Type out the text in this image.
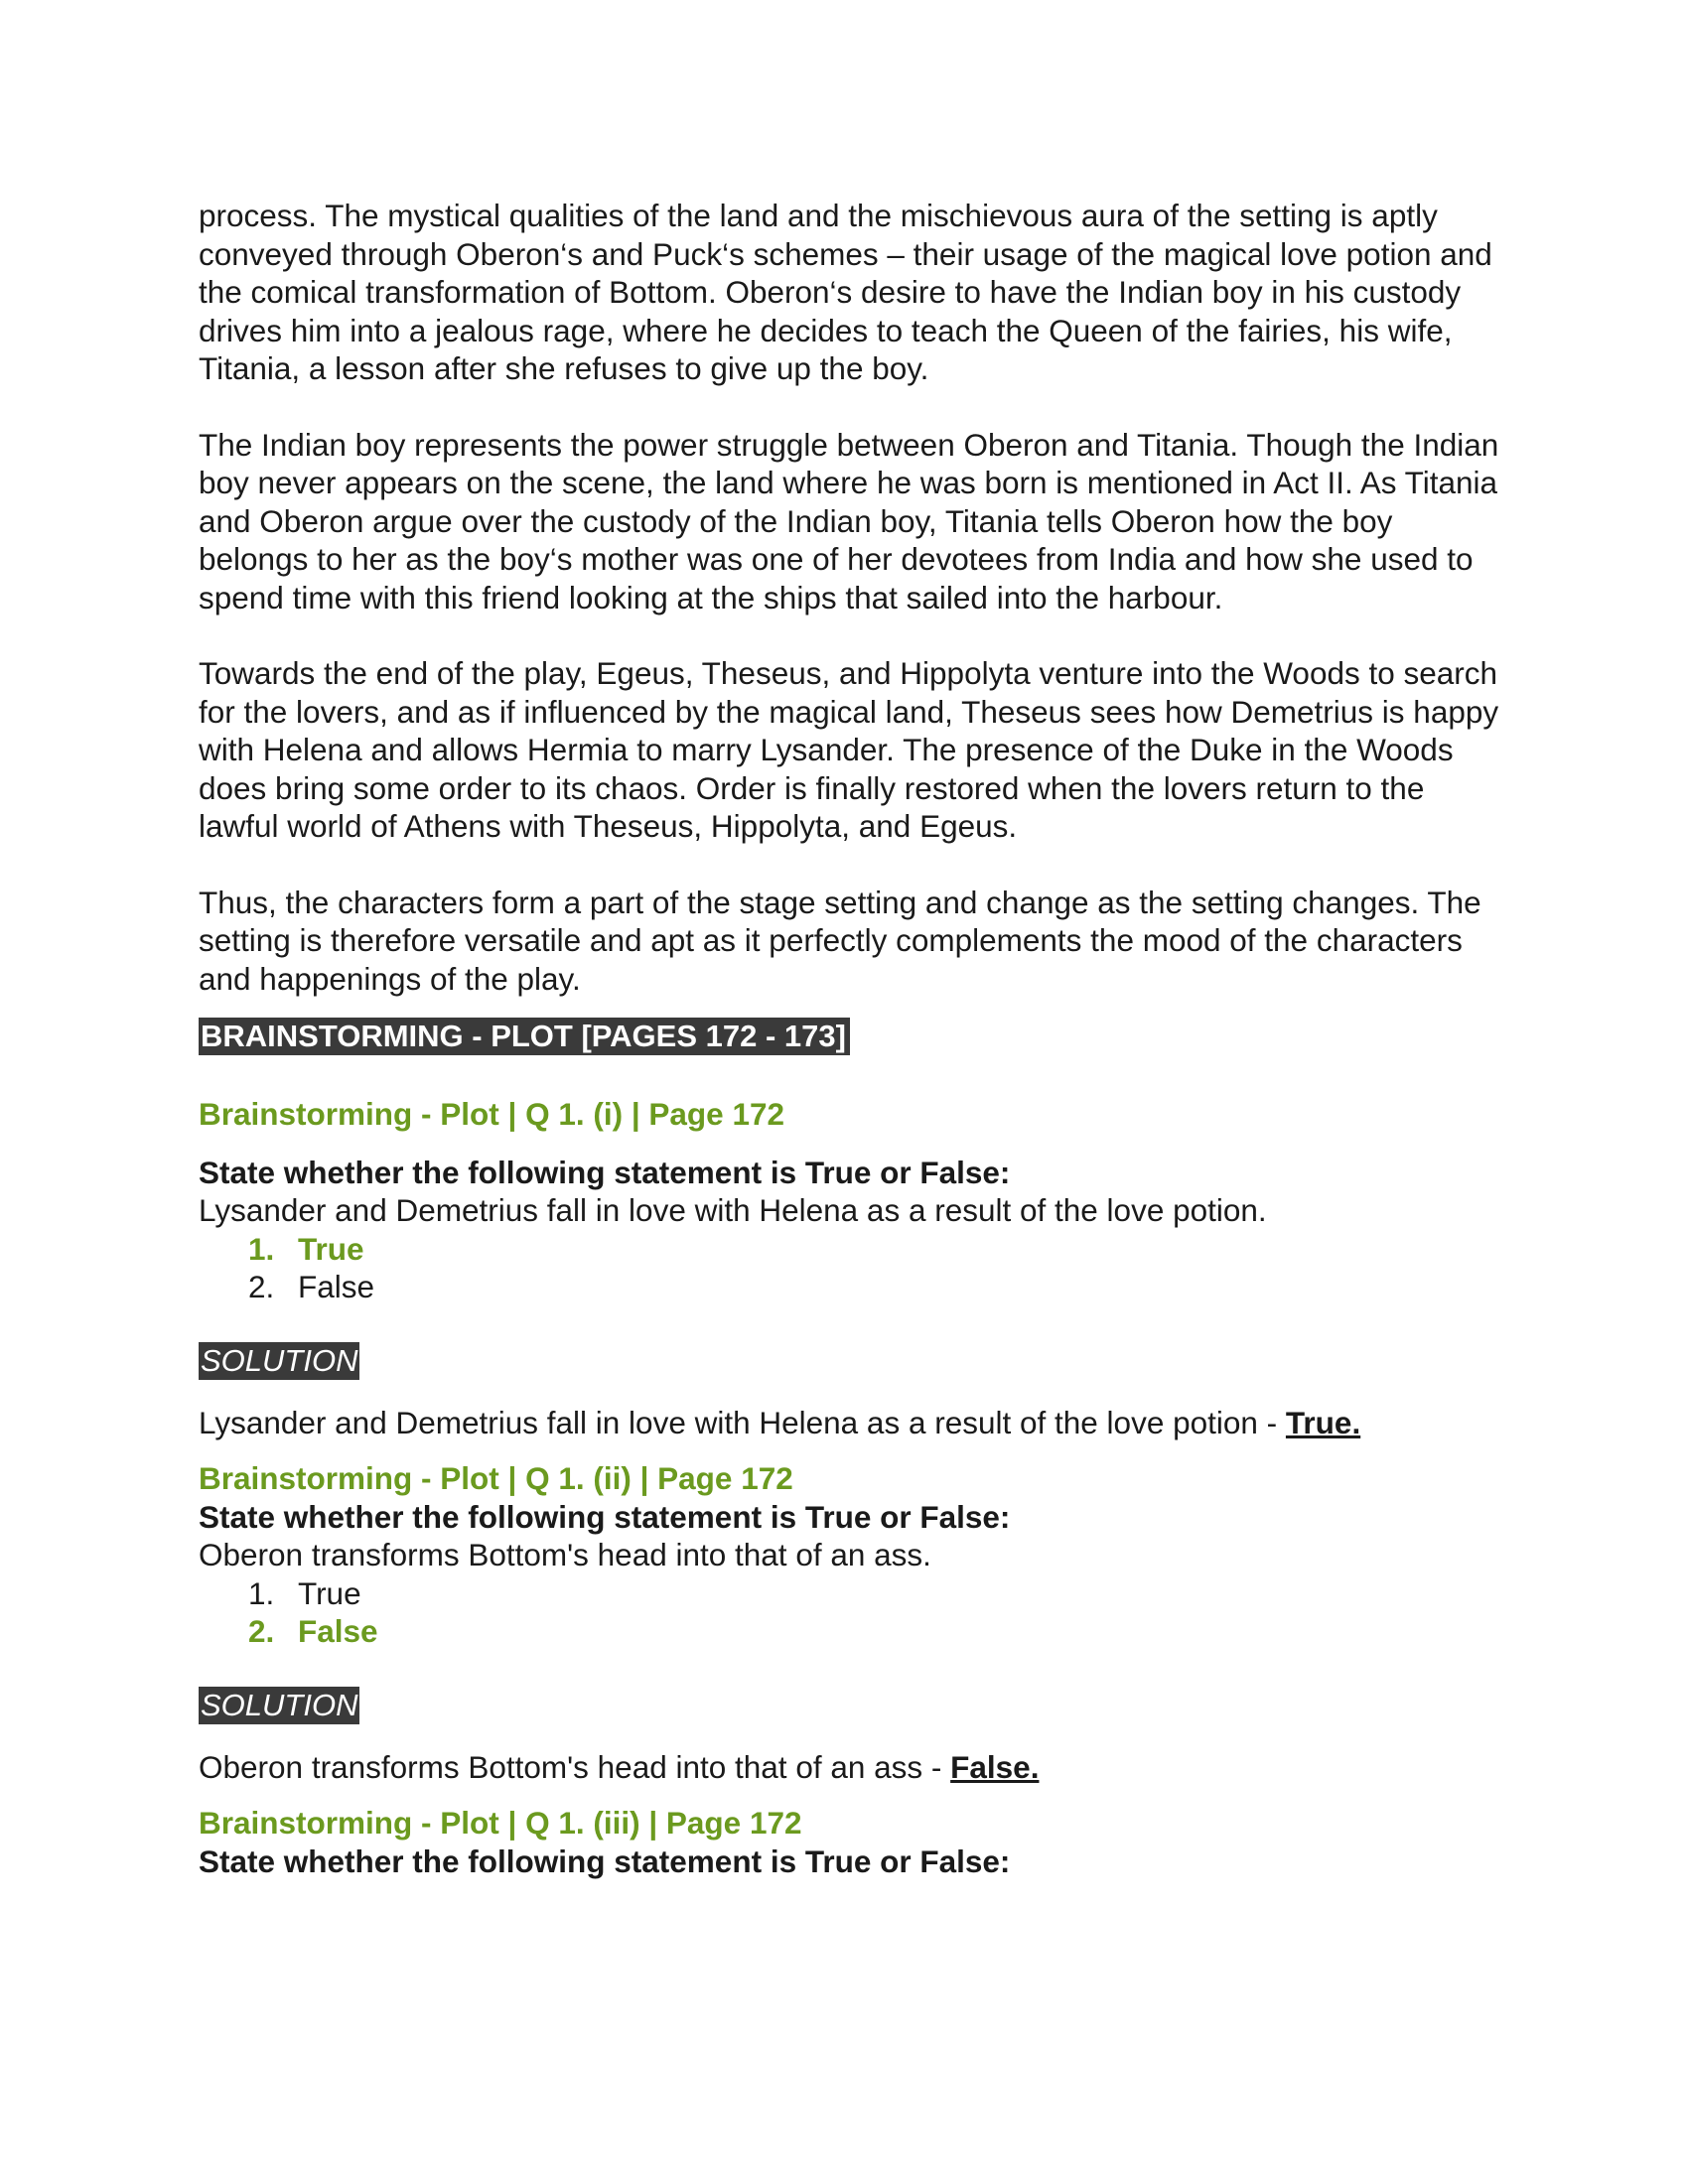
process. The mystical qualities of the land and the mischievous aura of the setting is aptly conveyed through Oberon‘s and Puck‘s schemes – their usage of the magical love potion and the comical transformation of Bottom. Oberon‘s desire to have the Indian boy in his custody drives him into a jealous rage, where he decides to teach the Queen of the fairies, his wife, Titania, a lesson after she refuses to give up the boy.

The Indian boy represents the power struggle between Oberon and Titania. Though the Indian boy never appears on the scene, the land where he was born is mentioned in Act II. As Titania and Oberon argue over the custody of the Indian boy, Titania tells Oberon how the boy belongs to her as the boy‘s mother was one of her devotees from India and how she used to spend time with this friend looking at the ships that sailed into the harbour.

Towards the end of the play, Egeus, Theseus, and Hippolyta venture into the Woods to search for the lovers, and as if influenced by the magical land, Theseus sees how Demetrius is happy with Helena and allows Hermia to marry Lysander. The presence of the Duke in the Woods does bring some order to its chaos. Order is finally restored when the lovers return to the lawful world of Athens with Theseus, Hippolyta, and Egeus.

Thus, the characters form a part of the stage setting and change as the setting changes. The setting is therefore versatile and apt as it perfectly complements the mood of the characters and happenings of the play.

BRAINSTORMING - PLOT [PAGES 172 - 173]

Brainstorming - Plot | Q 1. (i) | Page 172

State whether the following statement is True or False:

Lysander and Demetrius fall in love with Helena as a result of the love potion.

1. True
2. False
SOLUTION

Lysander and Demetrius fall in love with Helena as a result of the love potion - True.

Brainstorming - Plot | Q 1. (ii) | Page 172

State whether the following statement is True or False:

Oberon transforms Bottom's head into that of an ass.

1. True
2. False
SOLUTION

Oberon transforms Bottom's head into that of an ass - False.

Brainstorming - Plot | Q 1. (iii) | Page 172

State whether the following statement is True or False:
